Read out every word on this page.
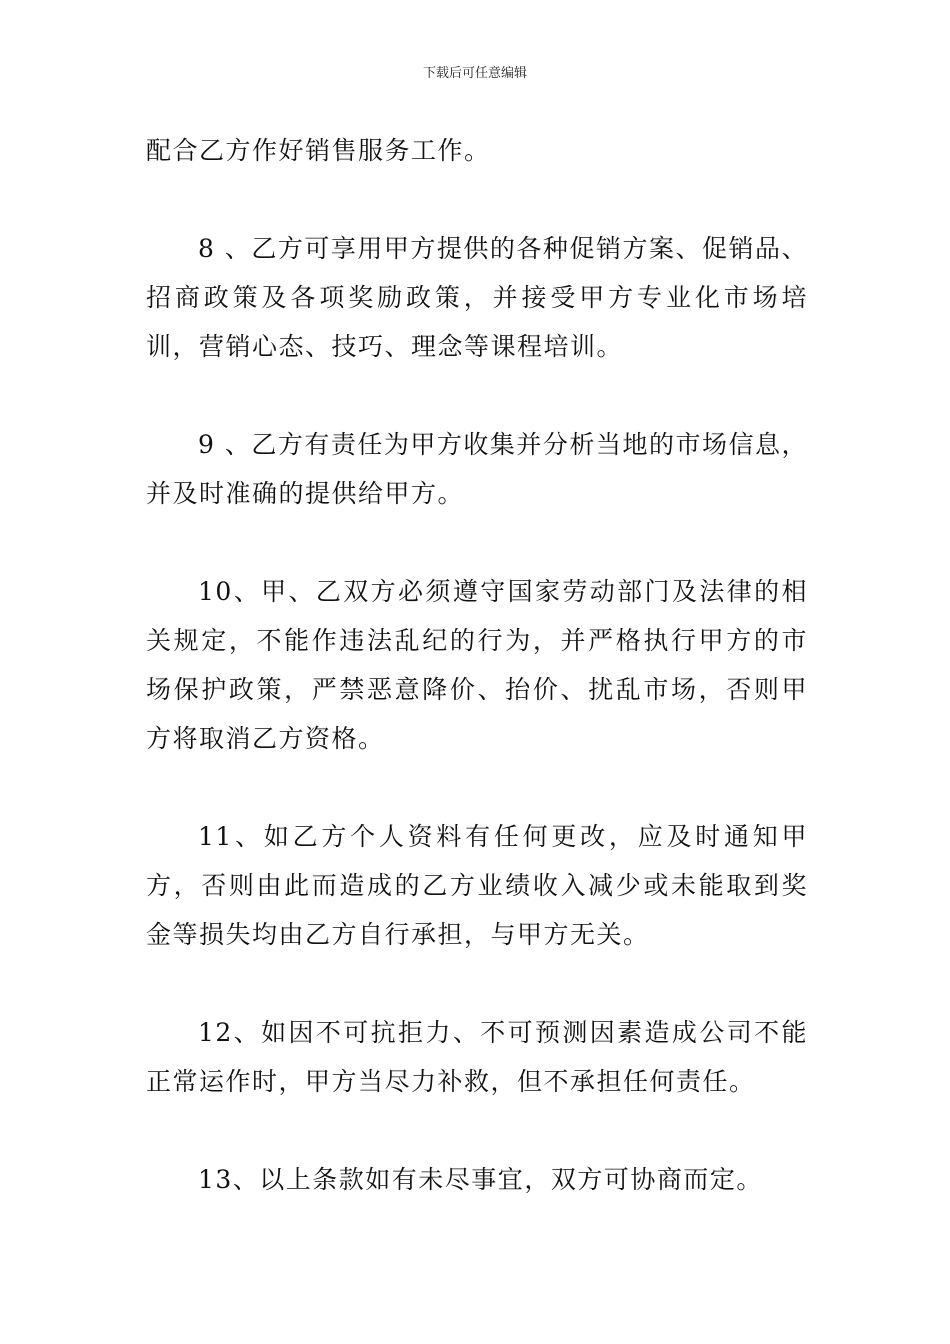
下载后可任意编辑

配合乙方作好销售服务工作。

8 、乙方可享用甲方提供的各种促销方案、促销品、招商政策及各项奖励政策，并接受甲方专业化市场培训，营销心态、技巧、理念等课程培训。

9 、乙方有责任为甲方收集并分析当地的市场信息，并及时准确的提供给甲方。

10、甲、乙双方必须遵守国家劳动部门及法律的相关规定，不能作违法乱纪的行为，并严格执行甲方的市场保护政策，严禁恶意降价、抬价、扰乱市场，否则甲方将取消乙方资格。

11、如乙方个人资料有任何更改，应及时通知甲方，否则由此而造成的乙方业绩收入减少或未能取到奖金等损失均由乙方自行承担，与甲方无关。

12、如因不可抗拒力、不可预测因素造成公司不能正常运作时，甲方当尽力补救，但不承担任何责任。

13、以上条款如有未尽事宜，双方可协商而定。
